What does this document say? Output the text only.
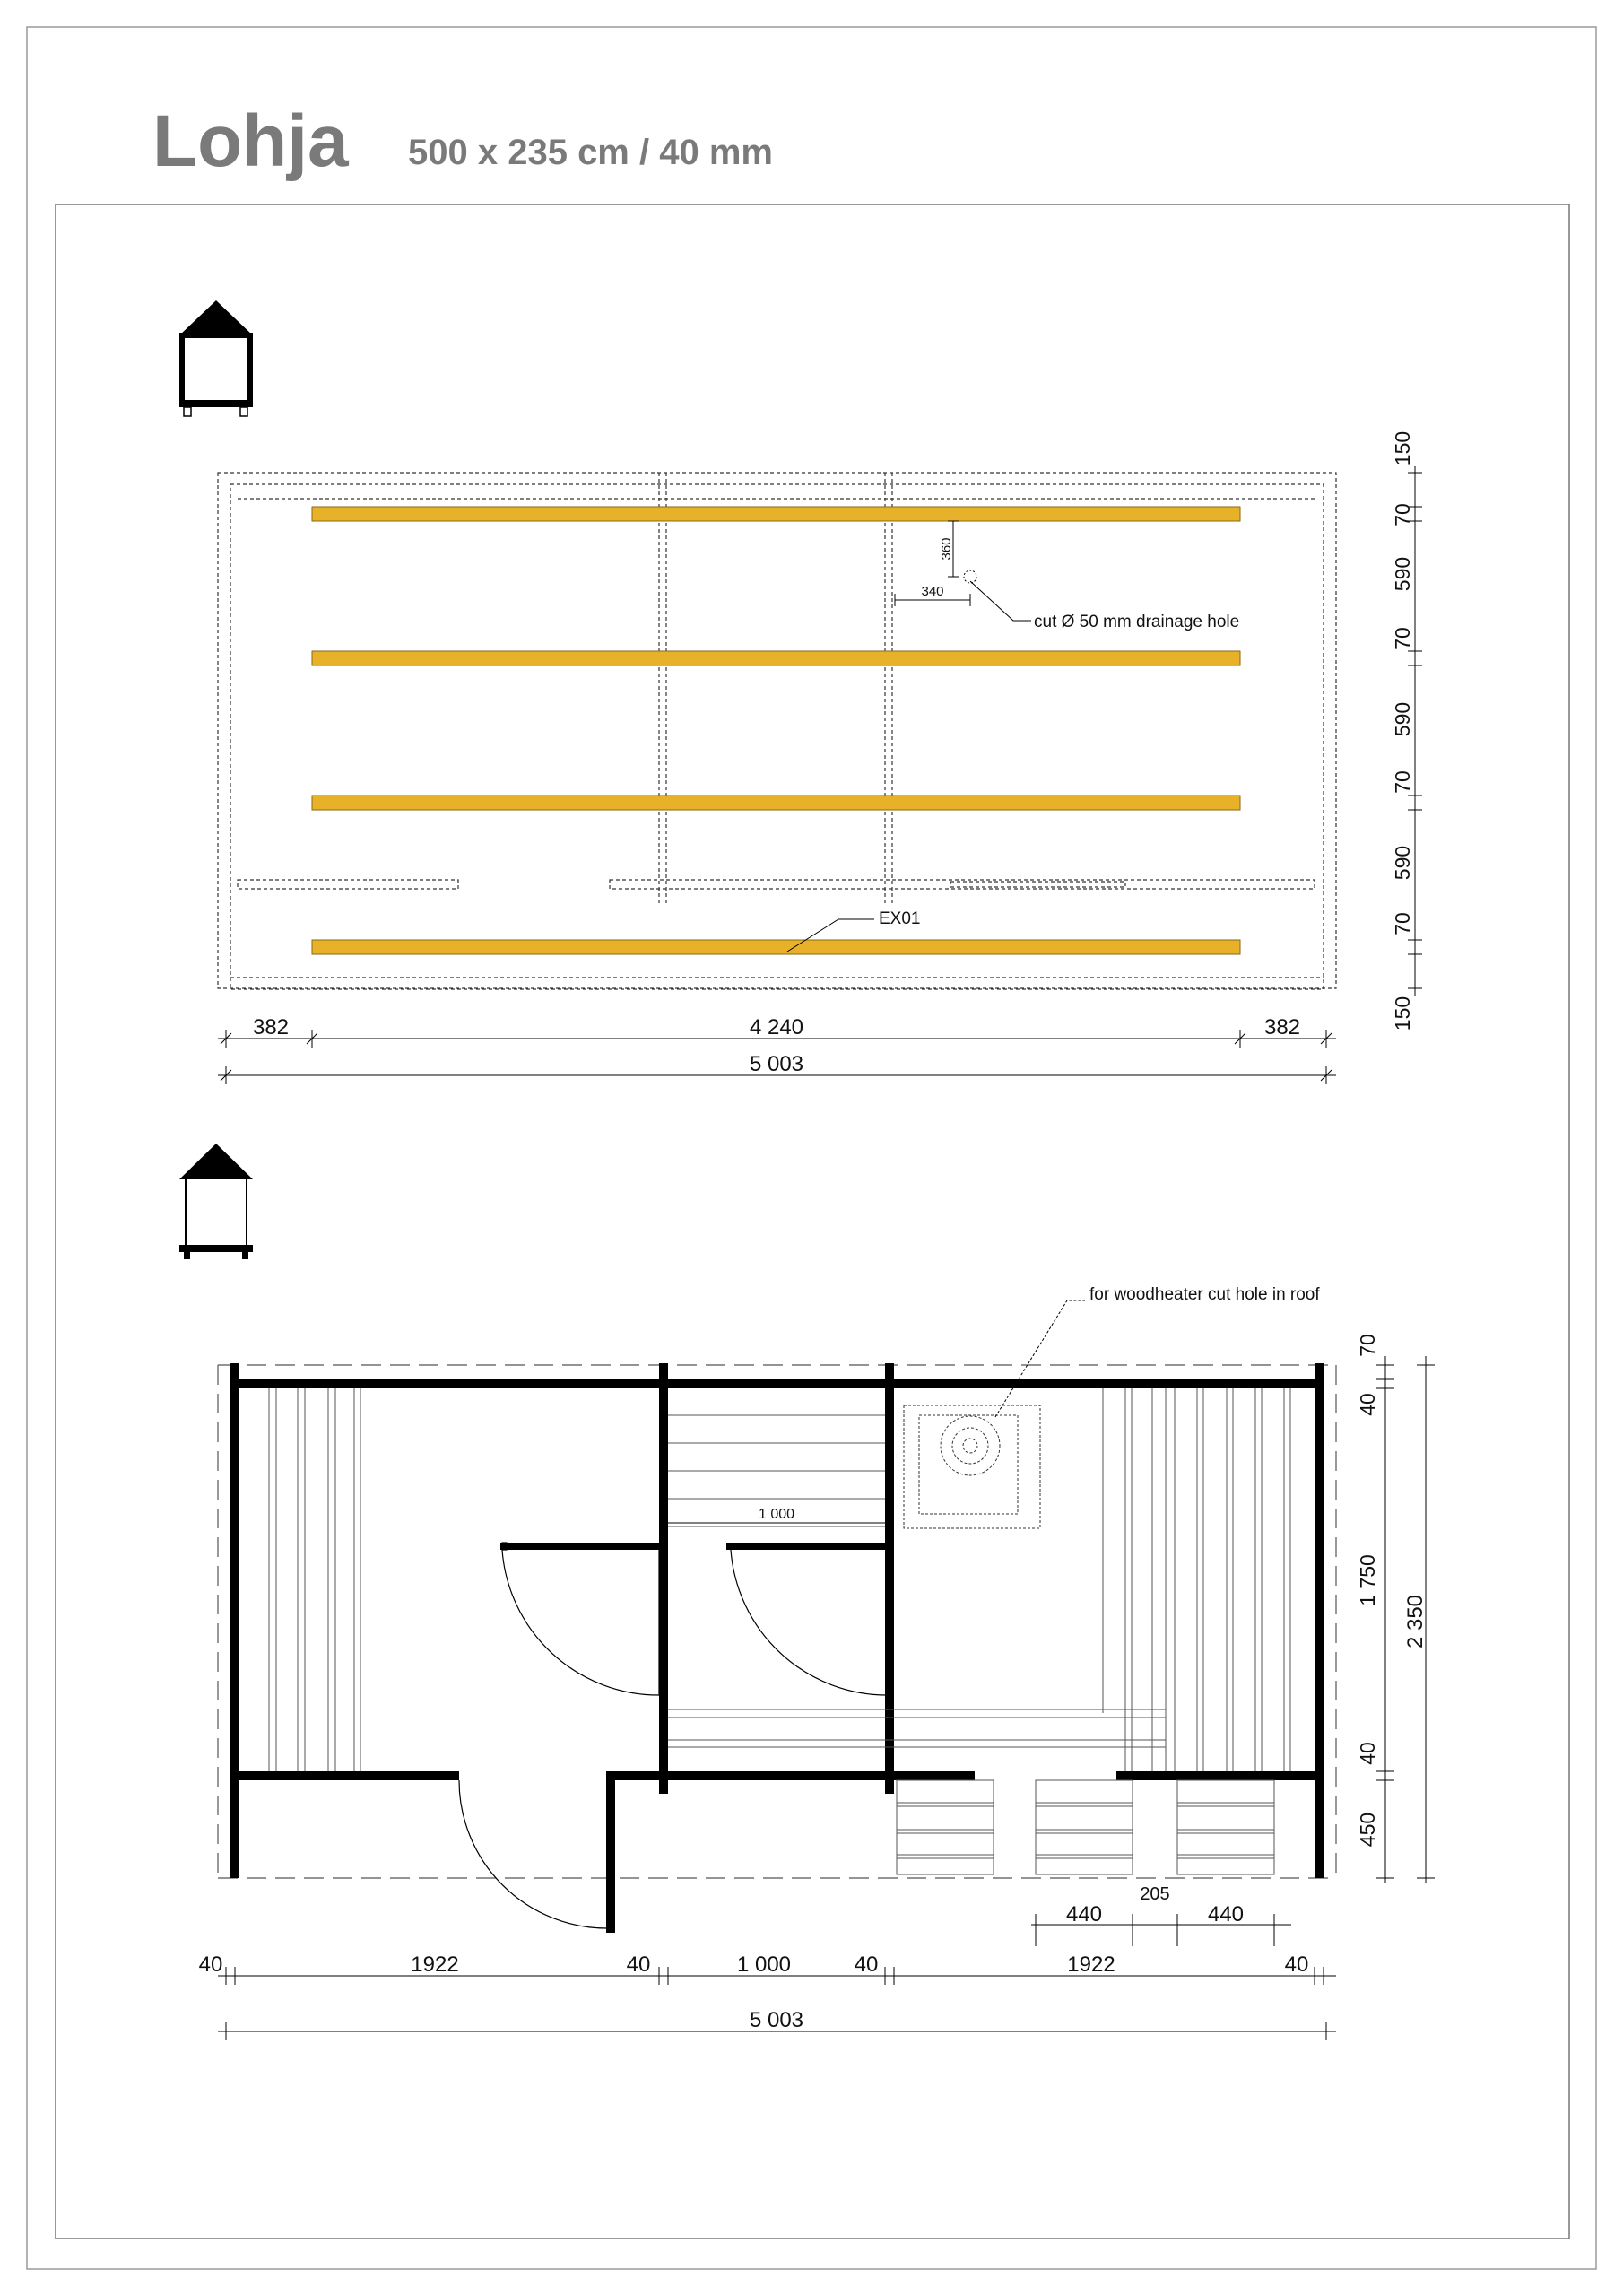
Lohja 500 x 235 cm / 40 mm
360
340
cut Ø 50 mm drainage hole
EX01
382	4 240	382
5 003
150
70
590
70
590
70
590
70
150
1 000
for woodheater cut hole in roof
440
205
440
40	1922	40	1 000	40	1922	40
5 003
70
40
1 750
40
450
2 350
